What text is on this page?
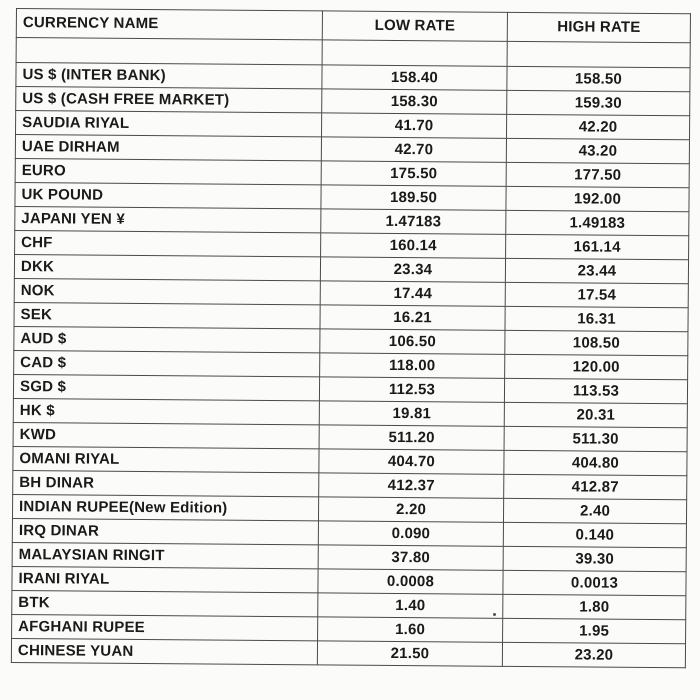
CURRENCY NAME	LOW RATE	HIGH RATE

US $ (INTER BANK)	158.40	158.50
US $ (CASH FREE MARKET)	158.30	159.30
SAUDIA RIYAL	41.70	42.20
UAE DIRHAM	42.70	43.20
EURO	175.50	177.50
UK POUND	189.50	192.00
JAPANI YEN ¥	1.47183	1.49183
CHF	160.14	161.14
DKK	23.34	23.44
NOK	17.44	17.54
SEK	16.21	16.31
AUD $	106.50	108.50
CAD $	118.00	120.00
SGD $	112.53	113.53
HK $	19.81	20.31
KWD	511.20	511.30
OMANI RIYAL	404.70	404.80
BH DINAR	412.37	412.87
INDIAN RUPEE(New Edition)	2.20	2.40
IRQ DINAR	0.090	0.140
MALAYSIAN RINGIT	37.80	39.30
IRANI RIYAL	0.0008	0.0013
BTK	1.40	1.80
AFGHANI RUPEE	1.60	1.95
CHINESE YUAN	21.50	23.20
